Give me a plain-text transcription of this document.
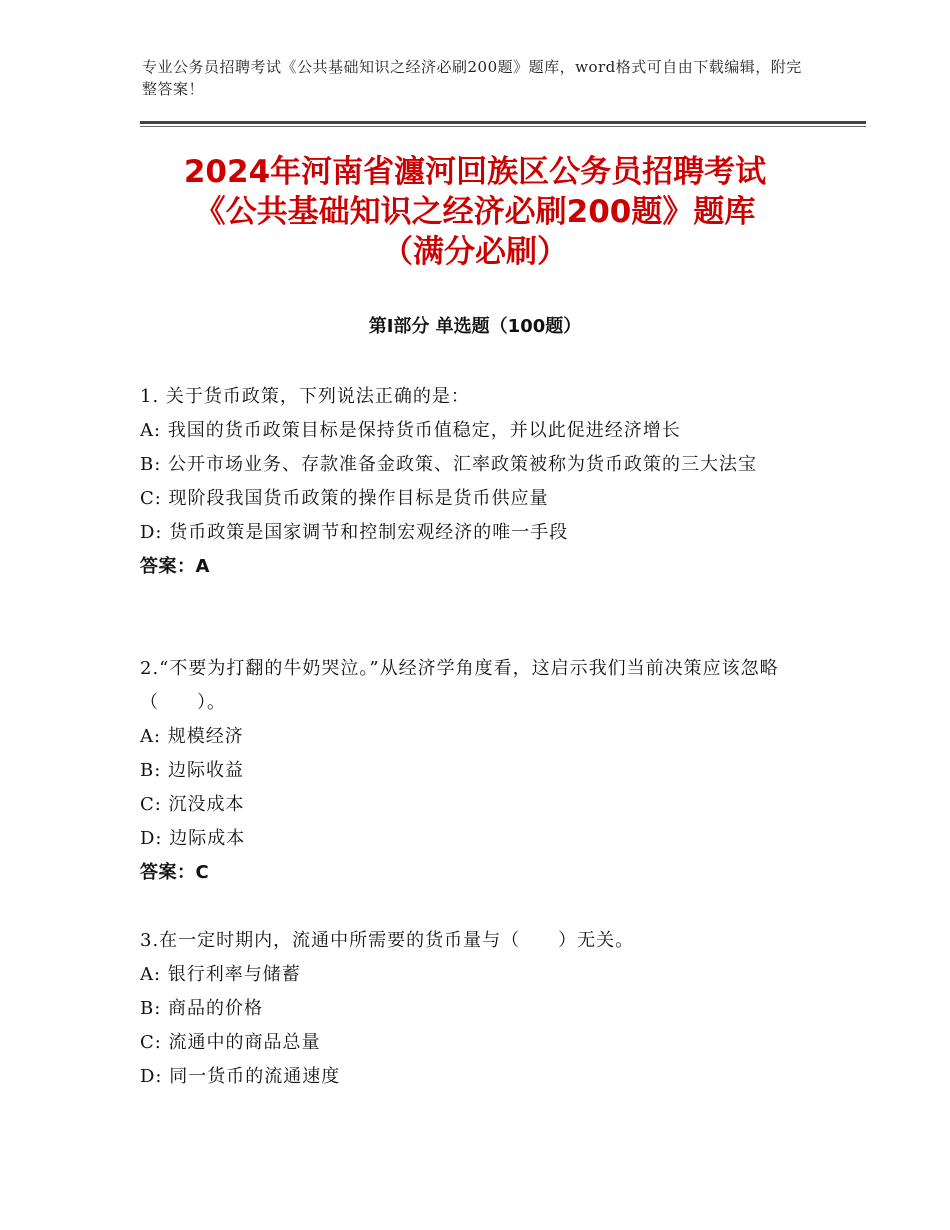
专业公务员招聘考试《公共基础知识之经济必刷200题》题库，word格式可自由下载编辑，附完整答案！
2024年河南省瀍河回族区公务员招聘考试
《公共基础知识之经济必刷200题》题库
（满分必刷）
第Ⅰ部分 单选题（100题）

1. 关于货币政策，下列说法正确的是：

A: 我国的货币政策目标是保持货币值稳定，并以此促进经济增长

B: 公开市场业务、存款准备金政策、汇率政策被称为货币政策的三大法宝

C: 现阶段我国货币政策的操作目标是货币供应量

D: 货币政策是国家调节和控制宏观经济的唯一手段

答案：A

2.“不要为打翻的牛奶哭泣。”从经济学角度看，这启示我们当前决策应该忽略（　　）。

A: 规模经济

B: 边际收益

C: 沉没成本

D: 边际成本

答案：C

3.在一定时期内，流通中所需要的货币量与（　　）无关。

A: 银行利率与储蓄

B: 商品的价格

C: 流通中的商品总量

D: 同一货币的流通速度
